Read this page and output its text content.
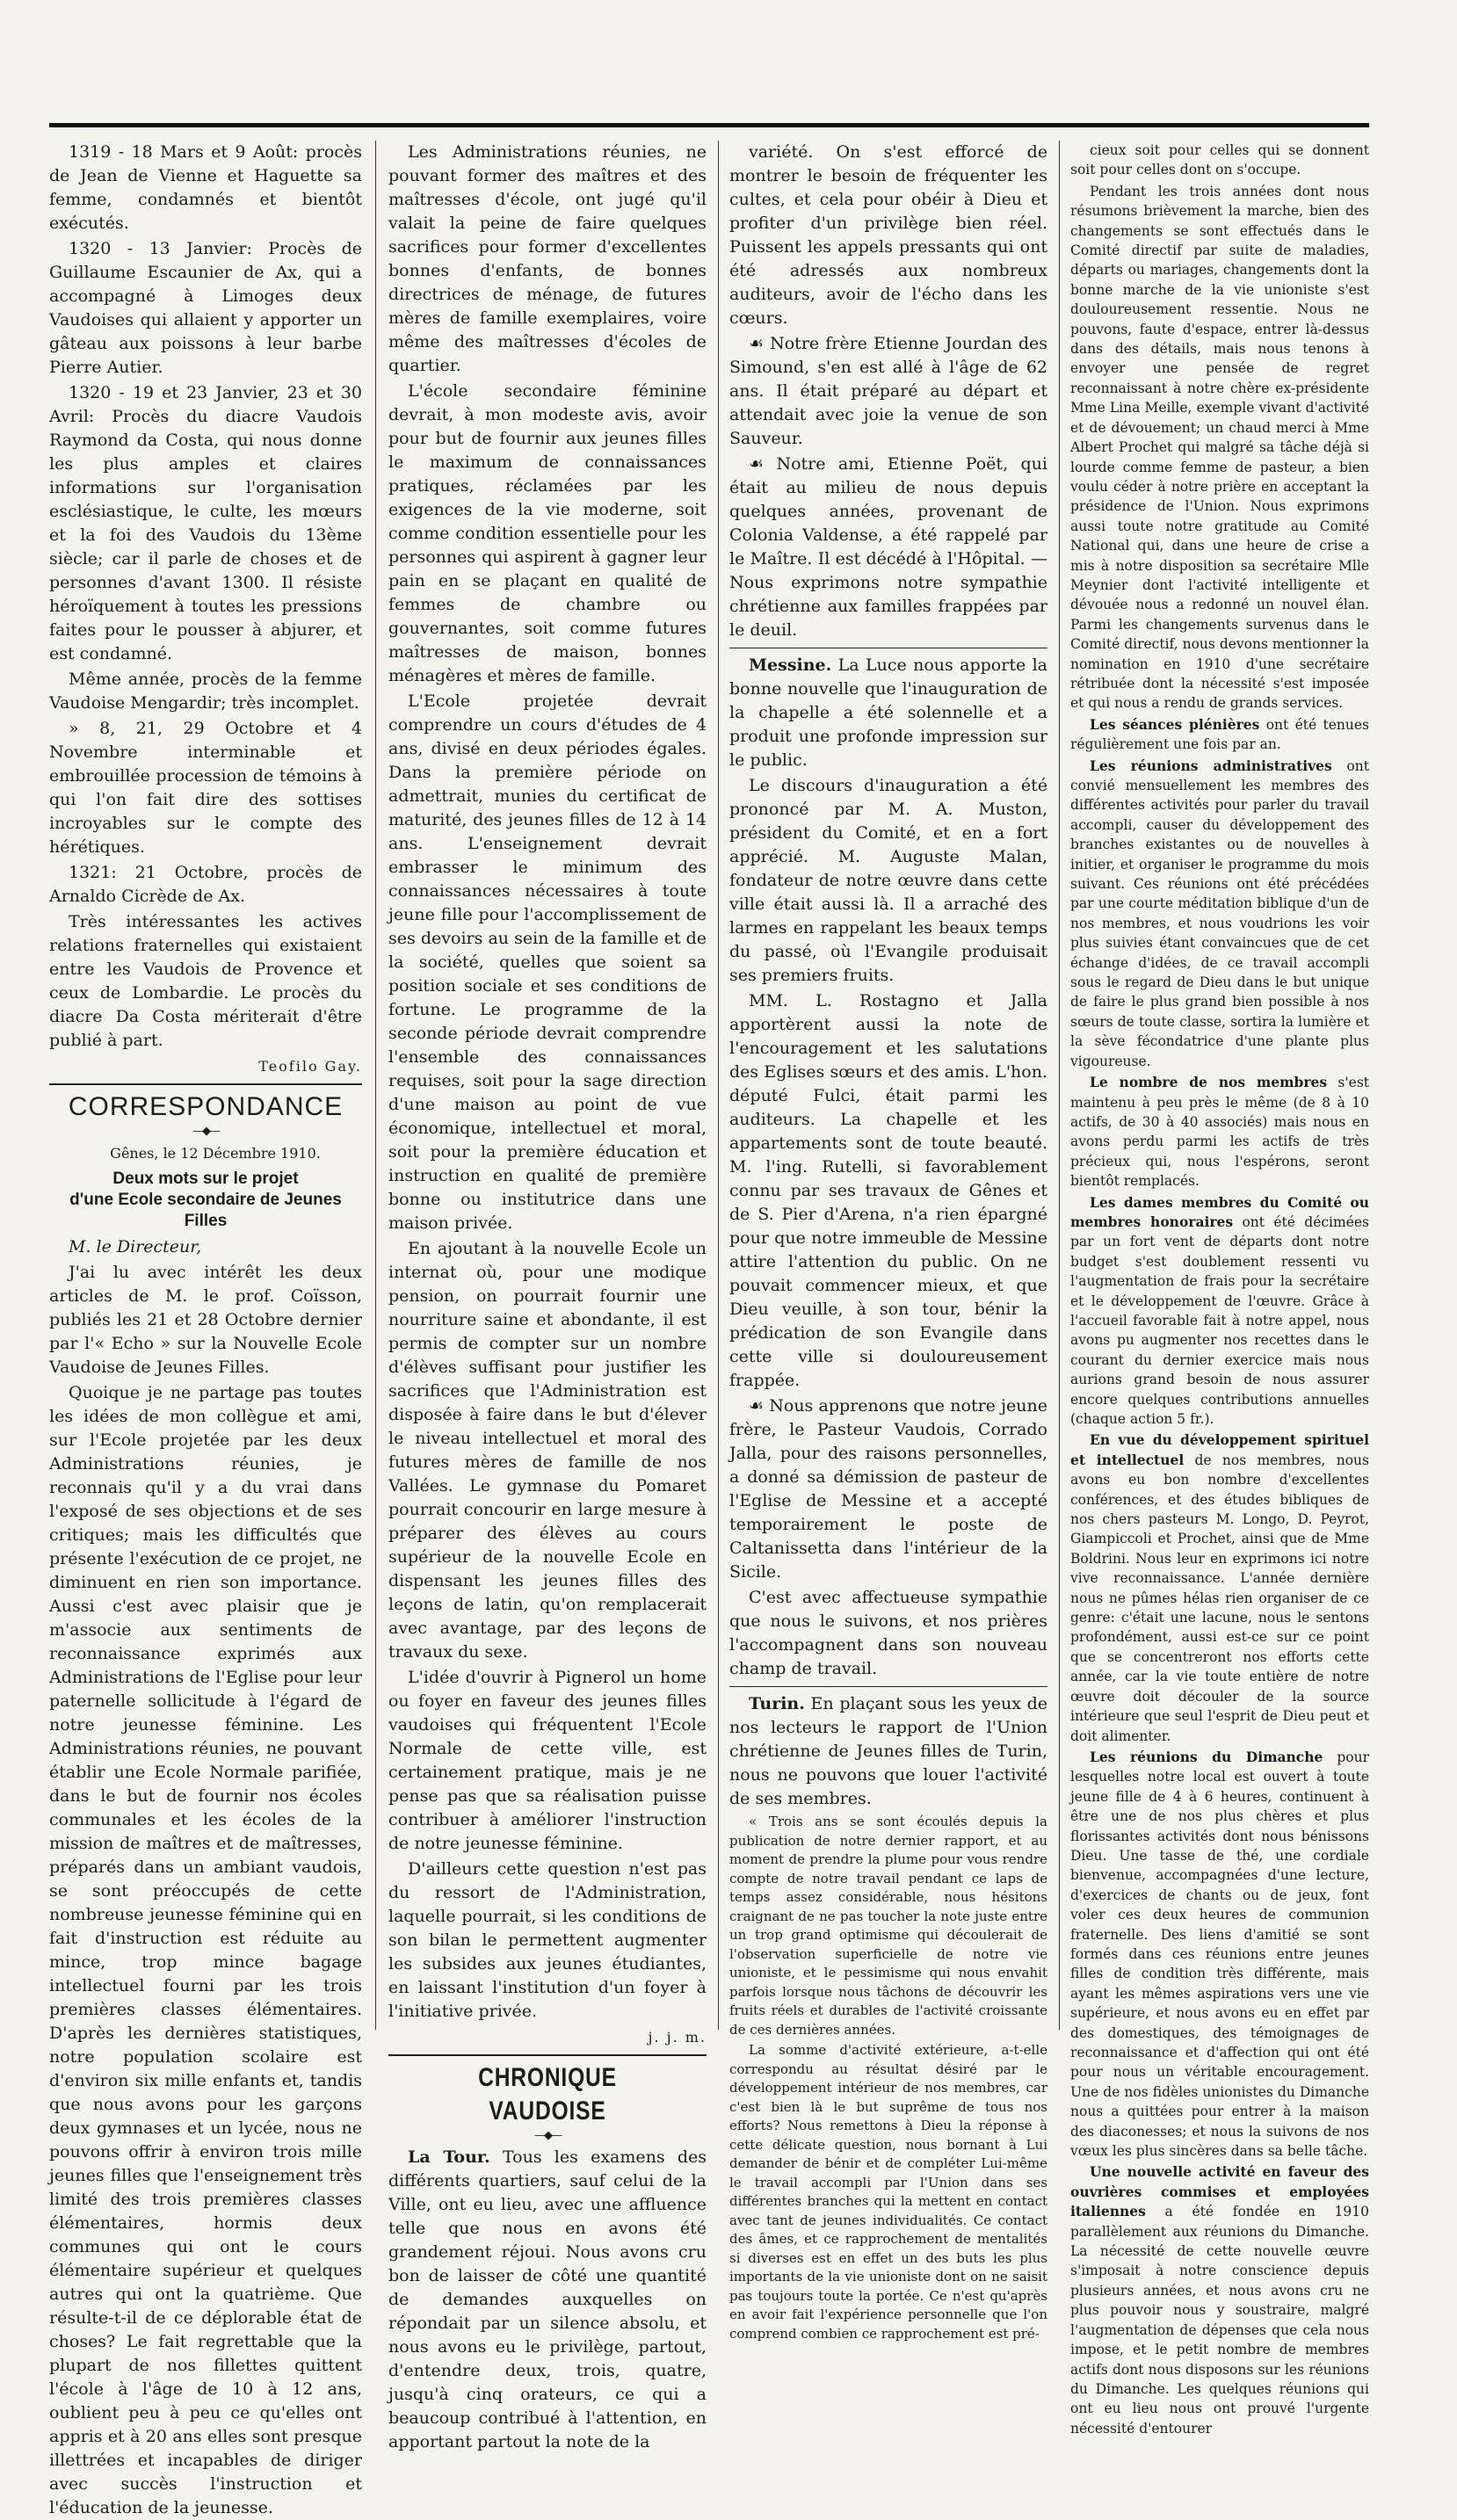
1319 - 18 Mars et 9 Août: procès de Jean de Vienne et Haguette sa femme, condamnés et bientôt exécutés.

1320 - 13 Janvier: Procès de Guillaume Escaunier de Ax, qui a accompagné à Limoges deux Vaudoises qui allaient y apporter un gâteau aux poissons à leur barbe Pierre Autier.

1320 - 19 et 23 Janvier, 23 et 30 Avril: Procès du diacre Vaudois Raymond da Costa, qui nous donne les plus amples et claires informations sur l'organisation esclésiastique, le culte, les mœurs et la foi des Vaudois du 13ème siècle; car il parle de choses et de personnes d'avant 1300. Il résiste héroïquement à toutes les pressions faites pour le pousser à abjurer, et est condamné.

Même année, procès de la femme Vaudoise Mengardir; très incomplet.

» 8, 21, 29 Octobre et 4 Novembre interminable et embrouillée procession de témoins à qui l'on fait dire des sottises incroyables sur le compte des hérétiques.

1321: 21 Octobre, procès de Arnaldo Cicrède de Ax.

Très intéressantes les actives relations fraternelles qui existaient entre les Vaudois de Provence et ceux de Lombardie. Le procès du diacre Da Costa mériterait d'être publié à part.

Teofilo Gay.

CORRESPONDANCE
—◆—

Gênes, le 12 Décembre 1910.

Deux mots sur le projet
d'une Ecole secondaire de Jeunes Filles

M. le Directeur,

J'ai lu avec intérêt les deux articles de M. le prof. Coïsson, publiés les 21 et 28 Octobre dernier par l'« Echo » sur la Nouvelle Ecole Vaudoise de Jeunes Filles.

Quoique je ne partage pas toutes les idées de mon collègue et ami, sur l'Ecole projetée par les deux Administrations réunies, je reconnais qu'il y a du vrai dans l'exposé de ses objections et de ses critiques; mais les difficultés que présente l'exécution de ce projet, ne diminuent en rien son importance. Aussi c'est avec plaisir que je m'associe aux sentiments de reconnaissance exprimés aux Administrations de l'Eglise pour leur paternelle sollicitude à l'égard de notre jeunesse féminine. Les Administrations réunies, ne pouvant établir une Ecole Normale parifiée, dans le but de fournir nos écoles communales et les écoles de la mission de maîtres et de maîtresses, préparés dans un ambiant vaudois, se sont préoccupés de cette nombreuse jeunesse féminine qui en fait d'instruction est réduite au mince, trop mince bagage intellectuel fourni par les trois premières classes élémentaires. D'après les dernières statistiques, notre population scolaire est d'environ six mille enfants et, tandis que nous avons pour les garçons deux gymnases et un lycée, nous ne pouvons offrir à environ trois mille jeunes filles que l'enseignement très limité des trois premières classes élémentaires, hormis deux communes qui ont le cours élémentaire supérieur et quelques autres qui ont la quatrième. Que résulte-t-il de ce déplorable état de choses? Le fait regrettable que la plupart de nos fillettes quittent l'école à l'âge de 10 à 12 ans, oublient peu à peu ce qu'elles ont appris et à 20 ans elles sont presque illettrées et incapables de diriger avec succès l'instruction et l'éducation de la jeunesse.

Les Administrations réunies, ne pouvant former des maîtres et des maîtresses d'école, ont jugé qu'il valait la peine de faire quelques sacrifices pour former d'excellentes bonnes d'enfants, de bonnes directrices de ménage, de futures mères de famille exemplaires, voire même des maîtresses d'écoles de quartier.

L'école secondaire féminine devrait, à mon modeste avis, avoir pour but de fournir aux jeunes filles le maximum de connaissances pratiques, réclamées par les exigences de la vie moderne, soit comme condition essentielle pour les personnes qui aspirent à gagner leur pain en se plaçant en qualité de femmes de chambre ou gouvernantes, soit comme futures maîtresses de maison, bonnes ménagères et mères de famille.

L'Ecole projetée devrait comprendre un cours d'études de 4 ans, divisé en deux périodes égales. Dans la première période on admettrait, munies du certificat de maturité, des jeunes filles de 12 à 14 ans. L'enseignement devrait embrasser le minimum des connaissances nécessaires à toute jeune fille pour l'accomplissement de ses devoirs au sein de la famille et de la société, quelles que soient sa position sociale et ses conditions de fortune. Le programme de la seconde période devrait comprendre l'ensemble des connaissances requises, soit pour la sage direction d'une maison au point de vue économique, intellectuel et moral, soit pour la première éducation et instruction en qualité de première bonne ou institutrice dans une maison privée.

En ajoutant à la nouvelle Ecole un internat où, pour une modique pension, on pourrait fournir une nourriture saine et abondante, il est permis de compter sur un nombre d'élèves suffisant pour justifier les sacrifices que l'Administration est disposée à faire dans le but d'élever le niveau intellectuel et moral des futures mères de famille de nos Vallées. Le gymnase du Pomaret pourrait concourir en large mesure à préparer des élèves au cours supérieur de la nouvelle Ecole en dispensant les jeunes filles des leçons de latin, qu'on remplacerait avec avantage, par des leçons de travaux du sexe.

L'idée d'ouvrir à Pignerol un home ou foyer en faveur des jeunes filles vaudoises qui fréquentent l'Ecole Normale de cette ville, est certainement pratique, mais je ne pense pas que sa réalisation puisse contribuer à améliorer l'instruction de notre jeunesse féminine.

D'ailleurs cette question n'est pas du ressort de l'Administration, laquelle pourrait, si les conditions de son bilan le permettent augmenter les subsides aux jeunes étudiantes, en laissant l'institution d'un foyer à l'initiative privée.

j. j. m.

CHRONIQUE VAUDOISE
—◆—

La Tour. Tous les examens des différents quartiers, sauf celui de la Ville, ont eu lieu, avec une affluence telle que nous en avons été grandement réjoui. Nous avons cru bon de laisser de côté une quantité de demandes auxquelles on répondait par un silence absolu, et nous avons eu le privilège, partout, d'entendre deux, trois, quatre, jusqu'à cinq orateurs, ce qui a beaucoup contribué à l'attention, en apportant partout la note de la

variété. On s'est efforcé de montrer le besoin de fréquenter les cultes, et cela pour obéir à Dieu et profiter d'un privilège bien réel. Puissent les appels pressants qui ont été adressés aux nombreux auditeurs, avoir de l'écho dans les cœurs.

☙ Notre frère Etienne Jourdan des Simound, s'en est allé à l'âge de 62 ans. Il était préparé au départ et attendait avec joie la venue de son Sauveur.

☙ Notre ami, Etienne Poët, qui était au milieu de nous depuis quelques années, provenant de Colonia Valdense, a été rappelé par le Maître. Il est décédé à l'Hôpital. — Nous exprimons notre sympathie chrétienne aux familles frappées par le deuil.

Messine. La Luce nous apporte la bonne nouvelle que l'inauguration de la chapelle a été solennelle et a produit une profonde impression sur le public.

Le discours d'inauguration a été prononcé par M. A. Muston, président du Comité, et en a fort apprécié. M. Auguste Malan, fondateur de notre œuvre dans cette ville était aussi là. Il a arraché des larmes en rappelant les beaux temps du passé, où l'Evangile produisait ses premiers fruits.

MM. L. Rostagno et Jalla apportèrent aussi la note de l'encouragement et les salutations des Eglises sœurs et des amis. L'hon. député Fulci, était parmi les auditeurs. La chapelle et les appartements sont de toute beauté. M. l'ing. Rutelli, si favorablement connu par ses travaux de Gênes et de S. Pier d'Arena, n'a rien épargné pour que notre immeuble de Messine attire l'attention du public. On ne pouvait commencer mieux, et que Dieu veuille, à son tour, bénir la prédication de son Evangile dans cette ville si douloureusement frappée.

☙ Nous apprenons que notre jeune frère, le Pasteur Vaudois, Corrado Jalla, pour des raisons personnelles, a donné sa démission de pasteur de l'Eglise de Messine et a accepté temporairement le poste de Caltanissetta dans l'intérieur de la Sicile.

C'est avec affectueuse sympathie que nous le suivons, et nos prières l'accompagnent dans son nouveau champ de travail.

Turin. En plaçant sous les yeux de nos lecteurs le rapport de l'Union chrétienne de Jeunes filles de Turin, nous ne pouvons que louer l'activité de ses membres.

« Trois ans se sont écoulés depuis la publication de notre dernier rapport, et au moment de prendre la plume pour vous rendre compte de notre travail pendant ce laps de temps assez considérable, nous hésitons craignant de ne pas toucher la note juste entre un trop grand optimisme qui découlerait de l'observation superficielle de notre vie unioniste, et le pessimisme qui nous envahit parfois lorsque nous tâchons de découvrir les fruits réels et durables de l'activité croissante de ces dernières années.

La somme d'activité extérieure, a-t-elle correspondu au résultat désiré par le développement intérieur de nos membres, car c'est bien là le but suprême de tous nos efforts? Nous remettons à Dieu la réponse à cette délicate question, nous bornant à Lui demander de bénir et de compléter Lui-même le travail accompli par l'Union dans ses différentes branches qui la mettent en contact avec tant de jeunes individualités. Ce contact des âmes, et ce rapprochement de mentalités si diverses est en effet un des buts les plus importants de la vie unioniste dont on ne saisit pas toujours toute la portée. Ce n'est qu'après en avoir fait l'expérience personnelle que l'on comprend combien ce rapprochement est pré-

cieux soit pour celles qui se donnent soit pour celles dont on s'occupe.

Pendant les trois années dont nous résumons brièvement la marche, bien des changements se sont effectués dans le Comité directif par suite de maladies, départs ou mariages, changements dont la bonne marche de la vie unioniste s'est douloureusement ressentie. Nous ne pouvons, faute d'espace, entrer là-dessus dans des détails, mais nous tenons à envoyer une pensée de regret reconnaissant à notre chère ex-présidente Mme Lina Meille, exemple vivant d'activité et de dévouement; un chaud merci à Mme Albert Prochet qui malgré sa tâche déjà si lourde comme femme de pasteur, a bien voulu céder à notre prière en acceptant la présidence de l'Union. Nous exprimons aussi toute notre gratitude au Comité National qui, dans une heure de crise a mis à notre disposition sa secrétaire Mlle Meynier dont l'activité intelligente et dévouée nous a redonné un nouvel élan. Parmi les changements survenus dans le Comité directif, nous devons mentionner la nomination en 1910 d'une secrétaire rétribuée dont la nécessité s'est imposée et qui nous a rendu de grands services.

Les séances plénières ont été tenues régulièrement une fois par an.

Les réunions administratives ont convié mensuellement les membres des différentes activités pour parler du travail accompli, causer du développement des branches existantes ou de nouvelles à initier, et organiser le programme du mois suivant. Ces réunions ont été précédées par une courte méditation biblique d'un de nos membres, et nous voudrions les voir plus suivies étant convaincues que de cet échange d'idées, de ce travail accompli sous le regard de Dieu dans le but unique de faire le plus grand bien possible à nos sœurs de toute classe, sortira la lumière et la sève fécondatrice d'une plante plus vigoureuse.

Le nombre de nos membres s'est maintenu à peu près le même (de 8 à 10 actifs, de 30 à 40 associés) mais nous en avons perdu parmi les actifs de très précieux qui, nous l'espérons, seront bientôt remplacés.

Les dames membres du Comité ou membres honoraires ont été décimées par un fort vent de départs dont notre budget s'est doublement ressenti vu l'augmentation de frais pour la secrétaire et le développement de l'œuvre. Grâce à l'accueil favorable fait à notre appel, nous avons pu augmenter nos recettes dans le courant du dernier exercice mais nous aurions grand besoin de nous assurer encore quelques contributions annuelles (chaque action 5 fr.).

En vue du développement spirituel et intellectuel de nos membres, nous avons eu bon nombre d'excellentes conférences, et des études bibliques de nos chers pasteurs M. Longo, D. Peyrot, Giampiccoli et Prochet, ainsi que de Mme Boldrini. Nous leur en exprimons ici notre vive reconnaissance. L'année dernière nous ne pûmes hélas rien organiser de ce genre: c'était une lacune, nous le sentons profondément, aussi est-ce sur ce point que se concentreront nos efforts cette année, car la vie toute entière de notre œuvre doit découler de la source intérieure que seul l'esprit de Dieu peut et doit alimenter.

Les réunions du Dimanche pour lesquelles notre local est ouvert à toute jeune fille de 4 à 6 heures, continuent à être une de nos plus chères et plus florissantes activités dont nous bénissons Dieu. Une tasse de thé, une cordiale bienvenue, accompagnées d'une lecture, d'exercices de chants ou de jeux, font voler ces deux heures de communion fraternelle. Des liens d'amitié se sont formés dans ces réunions entre jeunes filles de condition très différente, mais ayant les mêmes aspirations vers une vie supérieure, et nous avons eu en effet par des domestiques, des témoignages de reconnaissance et d'affection qui ont été pour nous un véritable encouragement. Une de nos fidèles unionistes du Dimanche nous a quittées pour entrer à la maison des diaconesses; et nous la suivons de nos vœux les plus sincères dans sa belle tâche.

Une nouvelle activité en faveur des ouvrières commises et employées italiennes a été fondée en 1910 parallèlement aux réunions du Dimanche. La nécessité de cette nouvelle œuvre s'imposait à notre conscience depuis plusieurs années, et nous avons cru ne plus pouvoir nous y soustraire, malgré l'augmentation de dépenses que cela nous impose, et le petit nombre de membres actifs dont nous disposons sur les réunions du Dimanche. Les quelques réunions qui ont eu lieu nous ont prouvé l'urgente nécessité d'entourer
